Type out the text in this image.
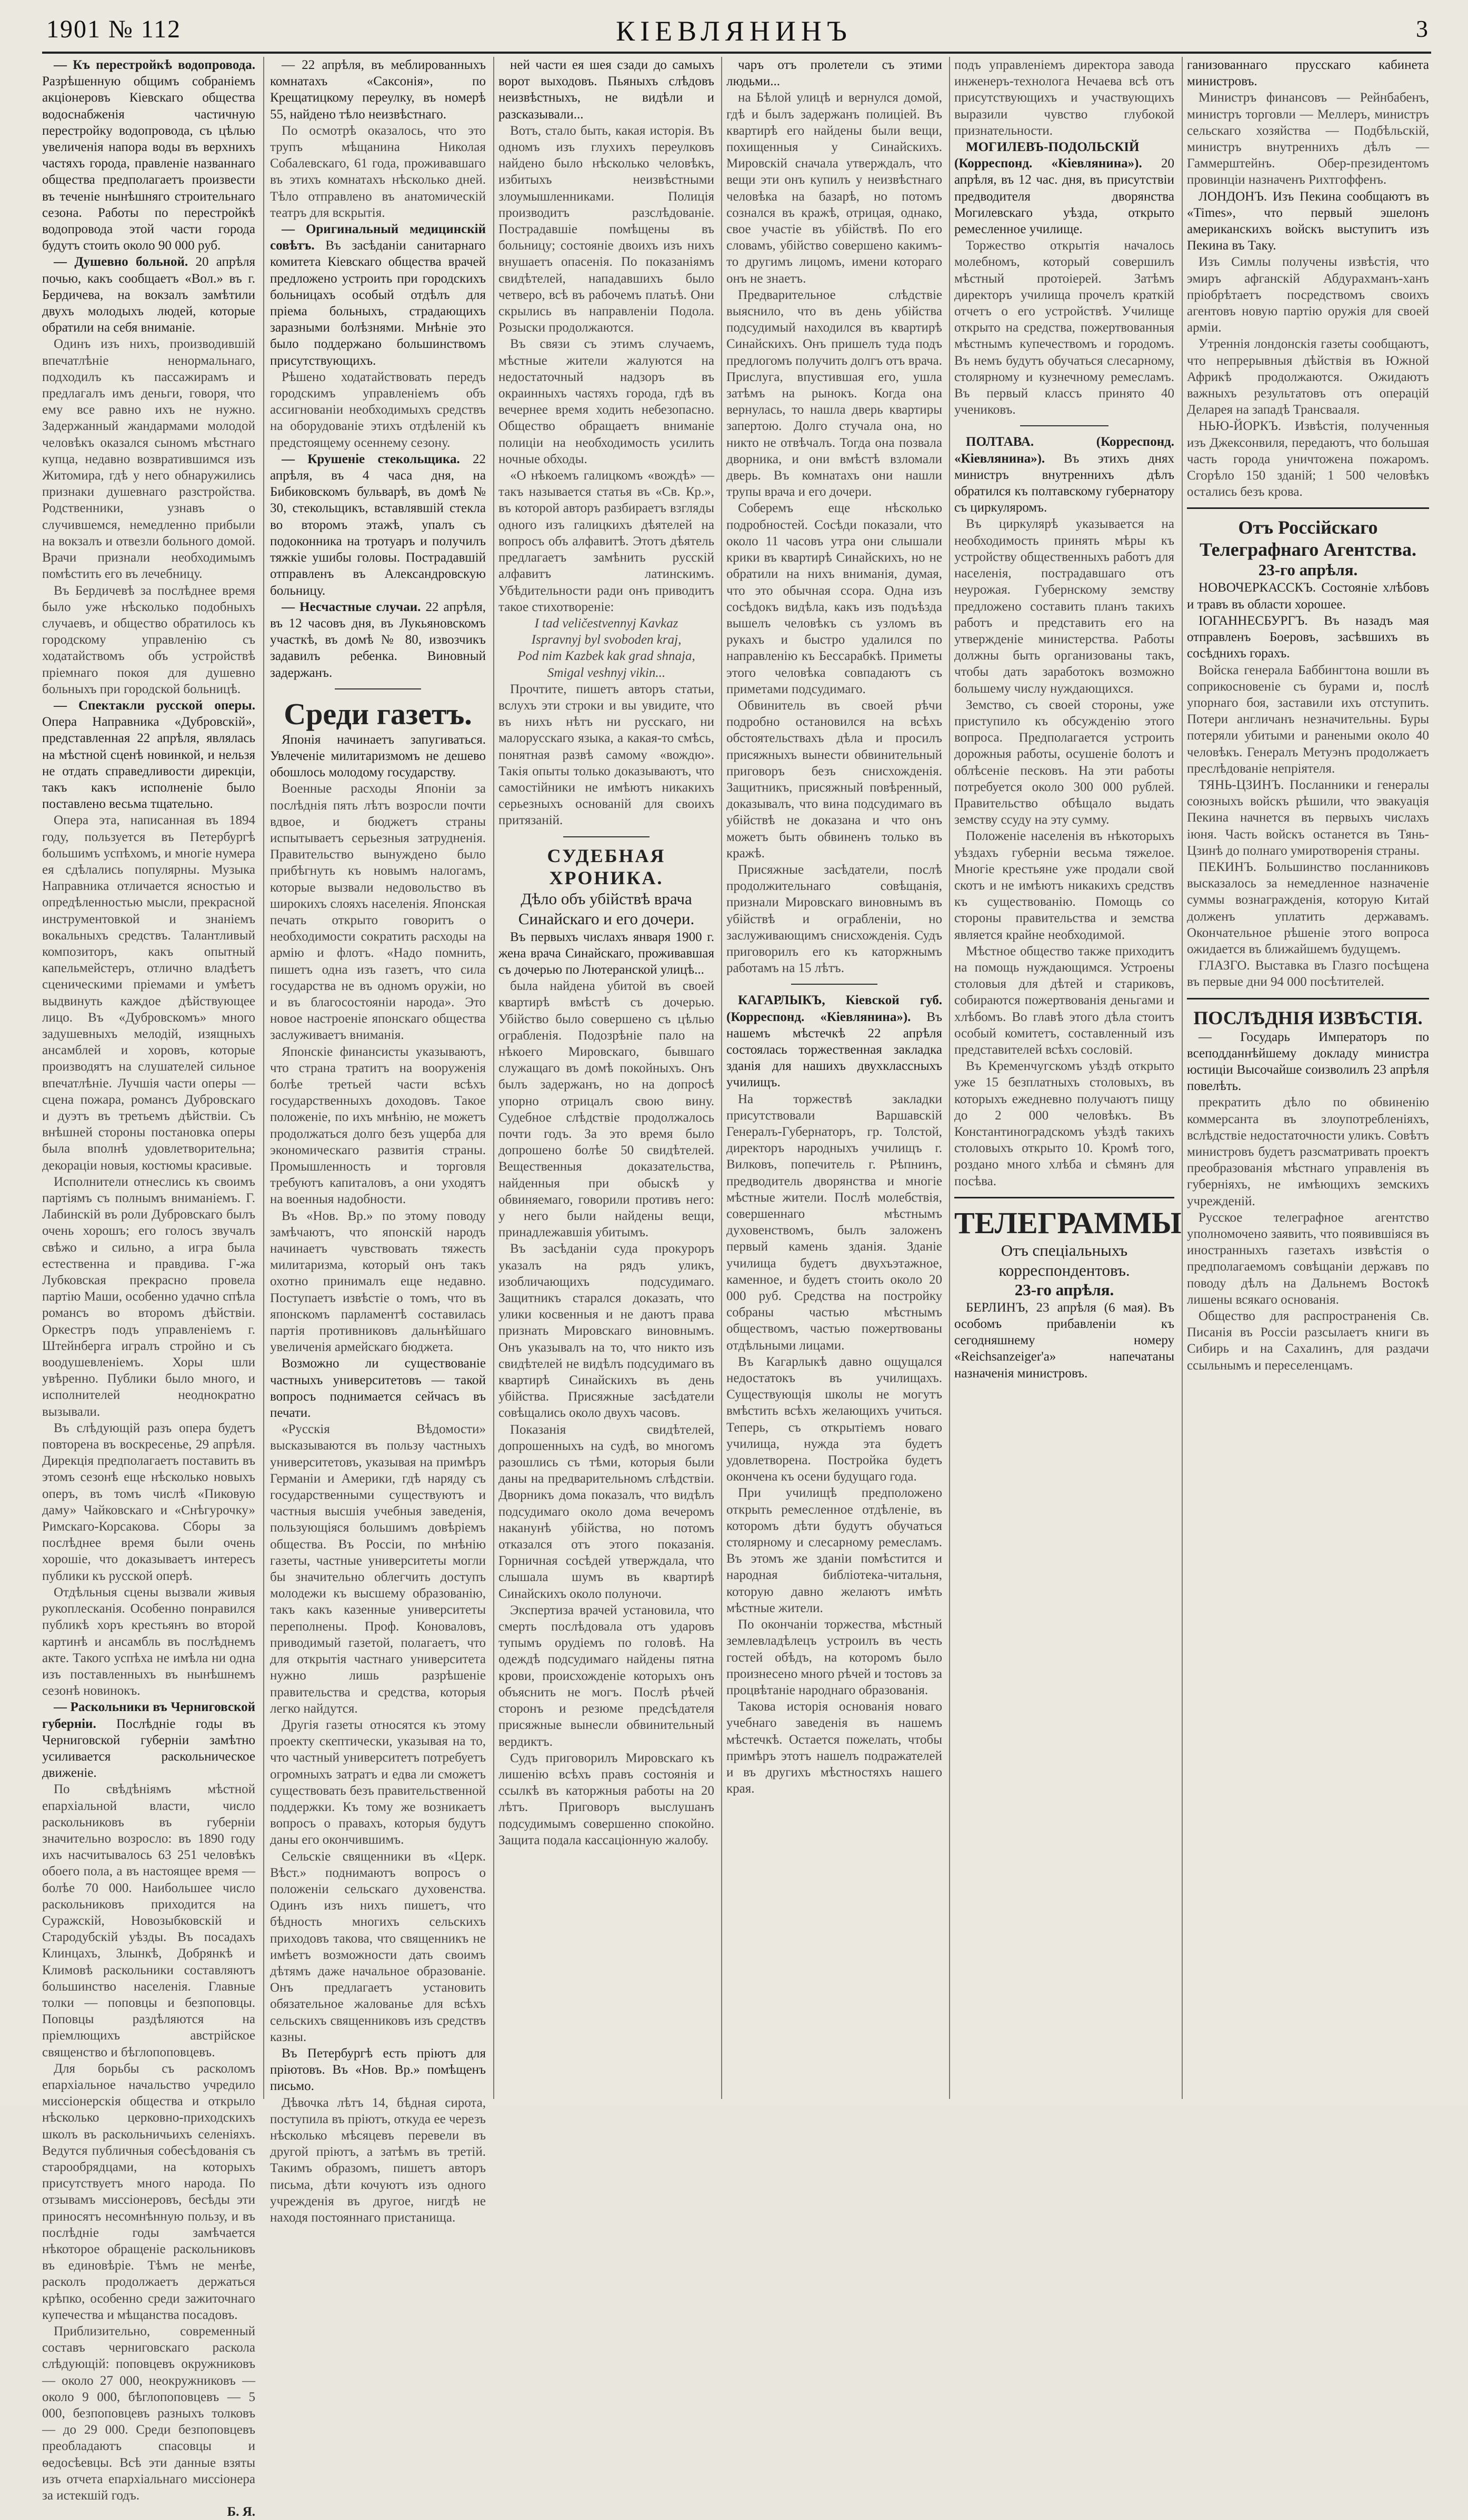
1901 № 112	КІЕВЛЯНИНЪ	3

— Къ перестройкѣ водопровода. Разрѣшенную общимъ собраніемъ акціонеровъ Кіевскаго общества водоснабженія частичную перестройку водопровода, съ цѣлью увеличенія напора воды въ верхнихъ частяхъ города, правленіе названнаго общества предполагаетъ произвести въ теченіе нынѣшняго строительнаго сезона. Работы по перестройкѣ водопровода этой части города будутъ стоить около 90 000 руб.

— Душевно больной. 20 апрѣля почью, какъ сообщаетъ «Вол.» въ г. Бердичева, на вокзалъ замѣтили двухъ молодыхъ людей, которые обратили на себя вниманіе.

Одинъ изъ нихъ, производившій впечатлѣніе ненормальнаго, подходилъ къ пассажирамъ и предлагалъ имъ деньги, говоря, что ему все равно ихъ не нужно. Задержанный жандармами молодой человѣкъ оказался сыномъ мѣстнаго купца, недавно возвратившимся изъ Житомира, гдѣ у него обнаружились признаки душевнаго разстройства. Родственники, узнавъ о случившемся, немедленно прибыли на вокзалъ и отвезли больного домой. Врачи признали необходимымъ помѣстить его въ лечебницу.

Въ Бердичевѣ за послѣднее время было уже нѣсколько подобныхъ случаевъ, и общество обратилось къ городскому управленію съ ходатайствомъ объ устройствѣ пріемнаго покоя для душевно больныхъ при городской больницѣ.

— Спектакли русской оперы. Опера Направника «Дубровскій», представленная 22 апрѣля, являлась на мѣстной сценѣ новинкой, и нельзя не отдать справедливости дирекціи, такъ какъ исполненіе было поставлено весьма тщательно.

Опера эта, написанная въ 1894 году, пользуется въ Петербургѣ большимъ успѣхомъ, и многіе нумера ея сдѣлались популярны. Музыка Направника отличается ясностью и опредѣленностью мысли, прекрасной инструментовкой и знаніемъ вокальныхъ средствъ. Талантливый композиторъ, какъ опытный капельмейстеръ, отлично владѣетъ сценическими пріемами и умѣетъ выдвинуть каждое дѣйствующее лицо. Въ «Дубровскомъ» много задушевныхъ мелодій, изящныхъ ансамблей и хоровъ, которые производятъ на слушателей сильное впечатлѣніе. Лучшія части оперы — сцена пожара, романсъ Дубровскаго и дуэтъ въ третьемъ дѣйствіи. Съ внѣшней стороны постановка оперы была вполнѣ удовлетворительна; декораціи новыя, костюмы красивые.

Исполнители отнеслись къ своимъ партіямъ съ полнымъ вниманіемъ. Г. Лабинскій въ роли Дубровскаго былъ очень хорошъ; его голосъ звучалъ свѣжо и сильно, а игра была естественна и правдива. Г-жа Лубковская прекрасно провела партію Маши, особенно удачно спѣла романсъ во второмъ дѣйствіи. Оркестръ подъ управленіемъ г. Штейнберга игралъ стройно и съ воодушевленіемъ. Хоры шли увѣренно. Публики было много, и исполнителей неоднократно вызывали.

Въ слѣдующій разъ опера будетъ повторена въ воскресенье, 29 апрѣля. Дирекція предполагаетъ поставить въ этомъ сезонѣ еще нѣсколько новыхъ оперъ, въ томъ числѣ «Пиковую даму» Чайковскаго и «Снѣгурочку» Римскаго-Корсакова. Сборы за послѣднее время были очень хорошіе, что доказываетъ интересъ публики къ русской оперѣ.

Отдѣльныя сцены вызвали живыя рукоплесканія. Особенно понравился публикѣ хоръ крестьянъ во второй картинѣ и ансамбль въ послѣднемъ акте. Такого успѣха не имѣла ни одна изъ поставленныхъ въ нынѣшнемъ сезонѣ новинокъ.

— Раскольники въ Черниговской губерніи. Послѣдніе годы въ Черниговской губерніи замѣтно усиливается раскольническое движеніе.

По свѣдѣніямъ мѣстной епархіальной власти, число раскольниковъ въ губерніи значительно возросло: въ 1890 году ихъ насчитывалось 63 251 человѣкъ обоего пола, а въ настоящее время — болѣе 70 000. Наибольшее число раскольниковъ приходится на Суражскій, Новозыбковскій и Стародубскій уѣзды. Въ посадахъ Клинцахъ, Злынкѣ, Добрянкѣ и Климовѣ раскольники составляютъ большинство населенія. Главные толки — поповцы и безпоповцы. Поповцы раздѣляются на пріемлющихъ австрійское священство и бѣглопоповцевъ.

Для борьбы съ расколомъ епархіальное начальство учредило миссіонерскія общества и открыло нѣсколько церковно-приходскихъ школъ въ раскольничьихъ селеніяхъ. Ведутся публичныя собесѣдованія съ старообрядцами, на которыхъ присутствуетъ много народа. По отзывамъ миссіонеровъ, бесѣды эти приносятъ несомнѣнную пользу, и въ послѣдніе годы замѣчается нѣкоторое обращеніе раскольниковъ въ единовѣріе. Тѣмъ не менѣе, расколъ продолжаетъ держаться крѣпко, особенно среди зажиточнаго купечества и мѣщанства посадовъ.

Приблизительно, современный составъ черниговскаго раскола слѣдующій: поповцевъ окружниковъ — около 27 000, неокружниковъ — около 9 000, бѣглопоповцевъ — 5 000, безпоповцевъ разныхъ толковъ — до 29 000. Среди безпоповцевъ преобладаютъ спасовцы и ѳедосѣевцы. Всѣ эти данные взяты изъ отчета епархіальнаго миссіонера за истекшій годъ.

Б. Я.

— 22 апрѣля, въ меблированныхъ комнатахъ «Саксонія», по Крещатицкому переулку, въ номерѣ 55, найдено тѣло неизвѣстнаго.

По осмотрѣ оказалось, что это трупъ мѣщанина Николая Собалевскаго, 61 года, проживавшаго въ этихъ комнатахъ нѣсколько дней. Тѣло отправлено въ анатомическій театръ для вскрытія.

— Оригинальный медицинскій совѣтъ. Въ засѣданіи санитарнаго комитета Кіевскаго общества врачей предложено устроить при городскихъ больницахъ особый отдѣлъ для пріема больныхъ, страдающихъ заразными болѣзнями. Мнѣніе это было поддержано большинствомъ присутствующихъ.

Рѣшено ходатайствовать передъ городскимъ управленіемъ объ ассигнованіи необходимыхъ средствъ на оборудованіе этихъ отдѣленій къ предстоящему осеннему сезону.

— Крушеніе стекольщика. 22 апрѣля, въ 4 часа дня, на Бибиковскомъ бульварѣ, въ домѣ № 30, стекольщикъ, вставлявшій стекла во второмъ этажѣ, упалъ съ подоконника на тротуаръ и получилъ тяжкіе ушибы головы. Пострадавшій отправленъ въ Александровскую больницу.

— Несчастные случаи. 22 апрѣля, въ 12 часовъ дня, въ Лукьяновскомъ участкѣ, въ домѣ № 80, извозчикъ задавилъ ребенка. Виновный задержанъ.

Среди газетъ.

Японія начинаетъ запугиваться. Увлеченіе милитаризмомъ не дешево обошлось молодому государству.

Военные расходы Японіи за послѣднія пять лѣтъ возросли почти вдвое, и бюджетъ страны испытываетъ серьезныя затрудненія. Правительство вынуждено было прибѣгнуть къ новымъ налогамъ, которые вызвали недовольство въ широкихъ слояхъ населенія. Японская печать открыто говоритъ о необходимости сократить расходы на армію и флотъ. «Надо помнить, пишетъ одна изъ газетъ, что сила государства не въ одномъ оружіи, но и въ благосостояніи народа». Это новое настроеніе японскаго общества заслуживаетъ вниманія.

Японскіе финансисты указываютъ, что страна тратитъ на вооруженія болѣе третьей части всѣхъ государственныхъ доходовъ. Такое положеніе, по ихъ мнѣнію, не можетъ продолжаться долго безъ ущерба для экономическаго развитія страны. Промышленность и торговля требуютъ капиталовъ, а они уходятъ на военныя надобности.

Въ «Нов. Вр.» по этому поводу замѣчаютъ, что японскій народъ начинаетъ чувствовать тяжесть милитаризма, который онъ такъ охотно принималъ еще недавно. Поступаетъ извѣстіе о томъ, что въ японскомъ парламентѣ составилась партія противниковъ дальнѣйшаго увеличенія армейскаго бюджета.

Возможно ли существованіе частныхъ университетовъ — такой вопросъ поднимается сейчасъ въ печати.

«Русскія Вѣдомости» высказываются въ пользу частныхъ университетовъ, указывая на примѣръ Германіи и Америки, гдѣ наряду съ государственными существуютъ и частныя высшія учебныя заведенія, пользующіяся большимъ довѣріемъ общества. Въ Россіи, по мнѣнію газеты, частные университеты могли бы значительно облегчить доступъ молодежи къ высшему образованію, такъ какъ казенные университеты переполнены. Проф. Коноваловъ, приводимый газетой, полагаетъ, что для открытія частнаго университета нужно лишь разрѣшеніе правительства и средства, которыя легко найдутся.

Другія газеты относятся къ этому проекту скептически, указывая на то, что частный университетъ потребуетъ огромныхъ затратъ и едва ли сможетъ существовать безъ правительственной поддержки. Къ тому же возникаетъ вопросъ о правахъ, которыя будутъ даны его окончившимъ.

Сельскіе священники въ «Церк. Вѣст.» поднимаютъ вопросъ о положеніи сельскаго духовенства. Одинъ изъ нихъ пишетъ, что бѣдность многихъ сельскихъ приходовъ такова, что священникъ не имѣетъ возможности дать своимъ дѣтямъ даже начальное образованіе. Онъ предлагаетъ установить обязательное жалованье для всѣхъ сельскихъ священниковъ изъ средствъ казны.

Въ Петербургѣ есть пріютъ для пріютовъ. Въ «Нов. Вр.» помѣщенъ письмо.

Дѣвочка лѣтъ 14, бѣдная сирота, поступила въ пріютъ, откуда ее черезъ нѣсколько мѣсяцевъ перевели въ другой пріютъ, а затѣмъ въ третій. Такимъ образомъ, пишетъ авторъ письма, дѣти кочуютъ изъ одного учрежденія въ другое, нигдѣ не находя постояннаго пристанища.

ней части ея шея сзади до самыхъ ворот выходовъ. Пьяныхъ слѣдовъ неизвѣстныхъ, не видѣли и разсказывали...

Вотъ, стало быть, какая исторія. Въ одномъ изъ глухихъ переулковъ найдено было нѣсколько человѣкъ, избитыхъ неизвѣстными злоумышленниками. Полиція производитъ разслѣдованіе. Пострадавшіе помѣщены въ больницу; состояніе двоихъ изъ нихъ внушаетъ опасенія. По показаніямъ свидѣтелей, нападавшихъ было четверо, всѣ въ рабочемъ платьѣ. Они скрылись въ направленіи Подола. Розыски продолжаются.

Въ связи съ этимъ случаемъ, мѣстные жители жалуются на недостаточный надзоръ въ окраинныхъ частяхъ города, гдѣ въ вечернее время ходить небезопасно. Общество обращаетъ вниманіе полиціи на необходимость усилить ночные обходы.

«О нѣкоемъ галицкомъ «вождѣ» — такъ называется статья въ «Св. Кр.», въ которой авторъ разбираетъ взгляды одного изъ галицкихъ дѣятелей на вопросъ объ алфавитѣ. Этотъ дѣятель предлагаетъ замѣнить русскій алфавитъ латинскимъ. Убѣдительности ради онъ приводитъ такое стихотвореніе:

I tad veličestvennyj Kavkaz
Ispravnyj byl svoboden kraj,
Pod nim Kazbek kak grad shnaja,
Smigal veshnyj vikin...

Прочтите, пишетъ авторъ статьи, вслухъ эти строки и вы увидите, что въ нихъ нѣтъ ни русскаго, ни малорусскаго языка, а какая-то смѣсь, понятная развѣ самому «вождю». Такія опыты только доказываютъ, что самостійники не имѣютъ никакихъ серьезныхъ основаній для своихъ притязаній.

СУДЕБНАЯ ХРОНИКА.

Дѣло объ убійствѣ врача Синайскаго и его дочери.

Въ первыхъ числахъ января 1900 г. жена врача Синайскаго, проживавшая съ дочерью по Лютеранской улицѣ...

была найдена убитой въ своей квартирѣ вмѣстѣ съ дочерью. Убійство было совершено съ цѣлью ограбленія. Подозрѣніе пало на нѣкоего Мировскаго, бывшаго служащаго въ домѣ покойныхъ. Онъ былъ задержанъ, но на допросѣ упорно отрицалъ свою вину. Судебное слѣдствіе продолжалось почти годъ. За это время было допрошено болѣе 50 свидѣтелей. Вещественныя доказательства, найденныя при обыскѣ у обвиняемаго, говорили противъ него: у него были найдены вещи, принадлежавшія убитымъ.

Въ засѣданіи суда прокуроръ указалъ на рядъ уликъ, изобличающихъ подсудимаго. Защитникъ старался доказать, что улики косвенныя и не даютъ права признать Мировскаго виновнымъ. Онъ указывалъ на то, что никто изъ свидѣтелей не видѣлъ подсудимаго въ квартирѣ Синайскихъ въ день убійства. Присяжные засѣдатели совѣщались около двухъ часовъ.

Показанія свидѣтелей, допрошенныхъ на судѣ, во многомъ разошлись съ тѣми, которыя были даны на предварительномъ слѣдствіи. Дворникъ дома показалъ, что видѣлъ подсудимаго около дома вечеромъ наканунѣ убійства, но потомъ отказался отъ этого показанія. Горничная сосѣдей утверждала, что слышала шумъ въ квартирѣ Синайскихъ около полуночи.

Экспертиза врачей установила, что смерть послѣдовала отъ ударовъ тупымъ орудіемъ по головѣ. На одеждѣ подсудимаго найдены пятна крови, происхожденіе которыхъ онъ объяснить не могъ. Послѣ рѣчей сторонъ и резюме предсѣдателя присяжные вынесли обвинительный вердиктъ.

Судъ приговорилъ Мировскаго къ лишенію всѣхъ правъ состоянія и ссылкѣ въ каторжныя работы на 20 лѣтъ. Приговоръ выслушанъ подсудимымъ совершенно спокойно. Защита подала кассаціонную жалобу.

чаръ отъ пролетели съ этими людьми...

на Бѣлой улицѣ и вернулся домой, гдѣ и былъ задержанъ полиціей. Въ квартирѣ его найдены были вещи, похищенныя у Синайскихъ. Мировскій сначала утверждалъ, что вещи эти онъ купилъ у неизвѣстнаго человѣка на базарѣ, но потомъ сознался въ кражѣ, отрицая, однако, свое участіе въ убійствѣ. По его словамъ, убійство совершено какимъ-то другимъ лицомъ, имени котораго онъ не знаетъ.

Предварительное слѣдствіе выяснило, что въ день убійства подсудимый находился въ квартирѣ Синайскихъ. Онъ пришелъ туда подъ предлогомъ получить долгъ отъ врача. Прислуга, впустившая его, ушла затѣмъ на рынокъ. Когда она вернулась, то нашла дверь квартиры запертою. Долго стучала она, но никто не отвѣчалъ. Тогда она позвала дворника, и они вмѣстѣ взломали дверь. Въ комнатахъ они нашли трупы врача и его дочери.

Соберемъ еще нѣсколько подробностей. Сосѣди показали, что около 11 часовъ утра они слышали крики въ квартирѣ Синайскихъ, но не обратили на нихъ вниманія, думая, что это обычная ссора. Одна изъ сосѣдокъ видѣла, какъ изъ подъѣзда вышелъ человѣкъ съ узломъ въ рукахъ и быстро удалился по направленію къ Бессарабкѣ. Приметы этого человѣка совпадаютъ съ приметами подсудимаго.

Обвинитель въ своей рѣчи подробно остановился на всѣхъ обстоятельствахъ дѣла и просилъ присяжныхъ вынести обвинительный приговоръ безъ снисхожденія. Защитникъ, присяжный повѣренный, доказывалъ, что вина подсудимаго въ убійствѣ не доказана и что онъ можетъ быть обвиненъ только въ кражѣ.

Присяжные засѣдатели, послѣ продолжительнаго совѣщанія, признали Мировскаго виновнымъ въ убійствѣ и ограбленіи, но заслуживающимъ снисхожденія. Судъ приговорилъ его къ каторжнымъ работамъ на 15 лѣтъ.

КАГАРЛЫКЪ, Кіевской губ. (Корреспонд. «Кіевлянина»). Въ нашемъ мѣстечкѣ 22 апрѣля состоялась торжественная закладка зданія для нашихъ двухклассныхъ училищъ.

На торжествѣ закладки присутствовали Варшавскій Генералъ-Губернаторъ, гр. Толстой, директоръ народныхъ училищъ г. Вилковъ, попечитель г. Рѣпнинъ, предводитель дворянства и многіе мѣстные жители. Послѣ молебствія, совершеннаго мѣстнымъ духовенствомъ, былъ заложенъ первый камень зданія. Зданіе училища будетъ двухъэтажное, каменное, и будетъ стоить около 20 000 руб. Средства на постройку собраны частью мѣстнымъ обществомъ, частью пожертвованы отдѣльными лицами.

Въ Кагарлыкѣ давно ощущался недостатокъ въ училищахъ. Существующія школы не могутъ вмѣстить всѣхъ желающихъ учиться. Теперь, съ открытіемъ новаго училища, нужда эта будетъ удовлетворена. Постройка будетъ окончена къ осени будущаго года.

При училищѣ предположено открыть ремесленное отдѣленіе, въ которомъ дѣти будутъ обучаться столярному и слесарному ремесламъ. Въ этомъ же зданіи помѣстится и народная библіотека-читальня, которую давно желаютъ имѣть мѣстные жители.

По окончаніи торжества, мѣстный землевладѣлецъ устроилъ въ честь гостей обѣдъ, на которомъ было произнесено много рѣчей и тостовъ за процвѣтаніе народнаго образованія.

Такова исторія основанія новаго учебнаго заведенія въ нашемъ мѣстечкѣ. Остается пожелать, чтобы примѣръ этотъ нашелъ подражателей и въ другихъ мѣстностяхъ нашего края.

подъ управленіемъ директора завода инженеръ-технолога Нечаева всѣ отъ присутствующихъ и участвующихъ выразили чувство глубокой признательности.

МОГИЛЕВЪ-ПОДОЛЬСКІЙ (Корреспонд. «Кіевлянина»). 20 апрѣля, въ 12 час. дня, въ присутствіи предводителя дворянства Могилевскаго уѣзда, открыто ремесленное училище.

Торжество открытія началось молебномъ, который совершилъ мѣстный протоіерей. Затѣмъ директоръ училища прочелъ краткій отчетъ о его устройствѣ. Училище открыто на средства, пожертвованныя мѣстнымъ купечествомъ и городомъ. Въ немъ будутъ обучаться слесарному, столярному и кузнечному ремесламъ. Въ первый классъ принято 40 учениковъ.

ПОЛТАВА. (Корреспонд. «Кіевлянина»). Въ этихъ днях министръ внутреннихъ дѣлъ обратился къ полтавскому губернатору съ циркуляромъ.

Въ циркулярѣ указывается на необходимость принять мѣры къ устройству общественныхъ работъ для населенія, пострадавшаго отъ неурожая. Губернскому земству предложено составить планъ такихъ работъ и представить его на утвержденіе министерства. Работы должны быть организованы такъ, чтобы дать заработокъ возможно большему числу нуждающихся.

Земство, съ своей стороны, уже приступило къ обсужденію этого вопроса. Предполагается устроить дорожныя работы, осушеніе болотъ и облѣсеніе песковъ. На эти работы потребуется около 300 000 рублей. Правительство обѣщало выдать земству ссуду на эту сумму.

Положеніе населенія въ нѣкоторыхъ уѣздахъ губерніи весьма тяжелое. Многіе крестьяне уже продали свой скотъ и не имѣютъ никакихъ средствъ къ существованію. Помощь со стороны правительства и земства является крайне необходимой.

Мѣстное общество также приходитъ на помощь нуждающимся. Устроены столовыя для дѣтей и стариковъ, собираются пожертвованія деньгами и хлѣбомъ. Во главѣ этого дѣла стоитъ особый комитетъ, составленный изъ представителей всѣхъ сословій.

Въ Кременчугскомъ уѣздѣ открыто уже 15 безплатныхъ столовыхъ, въ которыхъ ежедневно получаютъ пищу до 2 000 человѣкъ. Въ Константиноградскомъ уѣздѣ такихъ столовыхъ открыто 10. Кромѣ того, роздано много хлѣба и сѣмянъ для посѣва.

ТЕЛЕГРАММЫ

Отъ спеціальныхъ корреспондентовъ.

23-го апрѣля.

БЕРЛИНЪ, 23 апрѣля (6 мая). Въ особомъ прибавленіи къ сегодняшнему номеру «Reichsanzeiger'a» напечатаны назначенія министровъ.

ганизованнаго прусскаго кабинета министровъ.

Министръ финансовъ — Рейнбабенъ, министръ торговли — Меллеръ, министръ сельскаго хозяйства — Подбѣльскій, министръ внутреннихъ дѣлъ — Гаммерштейнъ. Обер-президентомъ провинціи назначенъ Рихтгоффенъ.

ЛОНДОНЪ. Изъ Пекина сообщаютъ въ «Times», что первый эшелонъ американскихъ войскъ выступитъ изъ Пекина въ Таку.

Изъ Симлы получены извѣстія, что эмиръ афганскій Абдурахманъ-ханъ пріобрѣтаетъ посредствомъ своихъ агентовъ новую партію оружія для своей арміи.

Утреннія лондонскія газеты сообщаютъ, что непрерывныя дѣйствія въ Южной Африкѣ продолжаются. Ожидаютъ важныхъ результатовъ отъ операцій Деларея на западѣ Трансвааля.

НЬЮ-ЙОРКЪ. Извѣстія, полученныя изъ Джексонвиля, передаютъ, что большая часть города уничтожена пожаромъ. Сгорѣло 150 зданій; 1 500 человѣкъ остались безъ крова.

Отъ Россійскаго Телеграфнаго Агентства.

23-го апрѣля.

НОВОЧЕРКАССКЪ. Состояніе хлѣбовъ и травъ въ области хорошее.

ІОГАННЕСБУРГЪ. Въ назадъ мая отправленъ Боеровъ, засѣвшихъ въ сосѣднихъ горахъ.

Войска генерала Баббингтона вошли въ соприкосновеніе съ бурами и, послѣ упорнаго боя, заставили ихъ отступить. Потери англичанъ незначительны. Буры потеряли убитыми и ранеными около 40 человѣкъ. Генералъ Метуэнъ продолжаетъ преслѣдованіе непріятеля.

ТЯНЬ-ЦЗИНЪ. Посланники и генералы союзныхъ войскъ рѣшили, что эвакуація Пекина начнется въ первыхъ числахъ іюня. Часть войскъ останется въ Тянь-Цзинѣ до полнаго умиротворенія страны.

ПЕКИНЪ. Большинство посланниковъ высказалось за немедленное назначеніе суммы вознагражденія, которую Китай долженъ уплатить державамъ. Окончательное рѣшеніе этого вопроса ожидается въ ближайшемъ будущемъ.

ГЛАЗГО. Выставка въ Глазго посѣщена въ первые дни 94 000 посѣтителей.

ПОСЛѢДНІЯ ИЗВѢСТІЯ.

— Государь Императоръ по всеподданнѣйшему докладу министра юстиціи Высочайше соизволилъ 23 апрѣля повелѣть.

прекратить дѣло по обвиненію коммерсанта въ злоупотребленіяхъ, вслѣдствіе недостаточности уликъ. Совѣтъ министровъ будетъ разсматривать проектъ преобразованія мѣстнаго управленія въ губерніяхъ, не имѣющихъ земскихъ учрежденій.

Русское телеграфное агентство уполномочено заявить, что появившіяся въ иностранныхъ газетахъ извѣстія о предполагаемомъ совѣщаніи державъ по поводу дѣлъ на Дальнемъ Востокѣ лишены всякаго основанія.

Общество для распространенія Св. Писанія въ Россіи разсылаетъ книги въ Сибирь и на Сахалинъ, для раздачи ссыльнымъ и переселенцамъ.
